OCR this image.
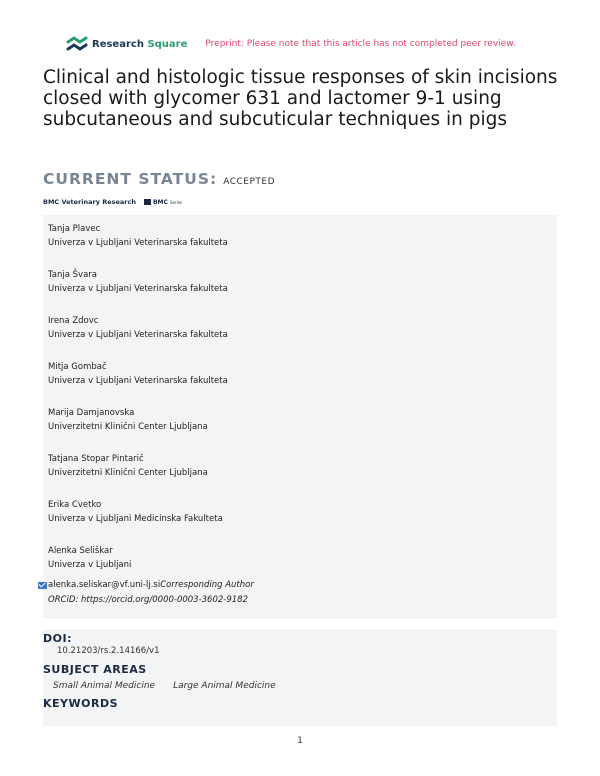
Research Square Preprint: Please note that this article has not completed peer review.
Clinical and histologic tissue responses of skin incisions closed with glycomer 631 and lactomer 9-1 using subcutaneous and subcuticular techniques in pigs
CURRENT STATUS: ACCEPTED
BMC Veterinary Research	BMC Series
Tanja Plavec
Univerza v Ljubljani Veterinarska fakulteta
Tanja Švara
Univerza v Ljubljani Veterinarska fakulteta
Irena Zdovc
Univerza v Ljubljani Veterinarska fakulteta
Mitja Gombač
Univerza v Ljubljani Veterinarska fakulteta
Marija Damjanovska
Univerzitetni Klinični Center Ljubljana
Tatjana Stopar Pintarič
Univerzitetni Klinični Center Ljubljana
Erika Cvetko
Univerza v Ljubljani Medicinska Fakulteta
Alenka Seliškar
Univerza v Ljubljani
alenka.seliskar@vf.uni-lj.si Corresponding Author
ORCiD: https://orcid.org/0000-0003-3602-9182
DOI:
10.21203/rs.2.14166/v1
SUBJECT AREAS
Small Animal Medicine Large Animal Medicine
KEYWORDS
1
